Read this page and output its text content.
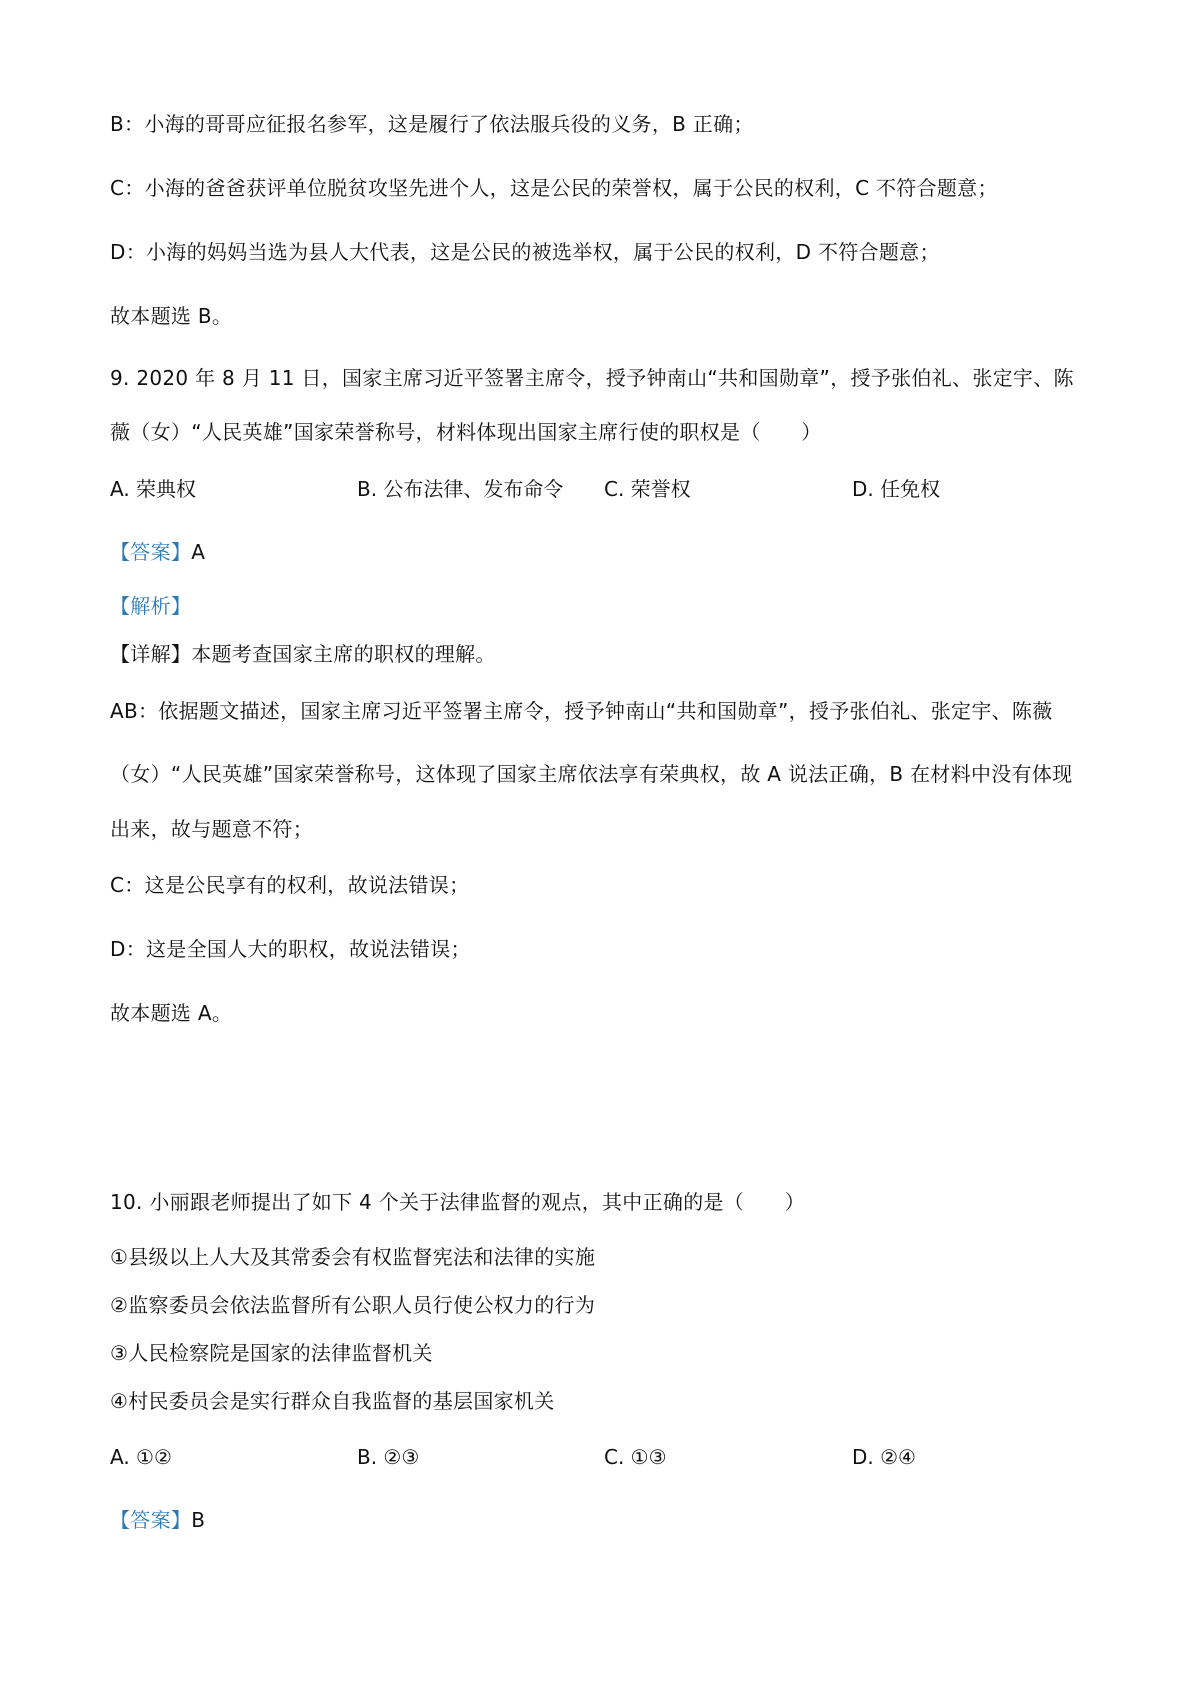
B：小海的哥哥应征报名参军，这是履行了依法服兵役的义务，B 正确；
C：小海的爸爸获评单位脱贫攻坚先进个人，这是公民的荣誉权，属于公民的权利，C 不符合题意；
D：小海的妈妈当选为县人大代表，这是公民的被选举权，属于公民的权利，D 不符合题意；
故本题选 B。
9. 2020 年 8 月 11 日，国家主席习近平签署主席令，授予钟南山“共和国勋章”，授予张伯礼、张定宇、陈
薇（女）“人民英雄”国家荣誉称号，材料体现出国家主席行使的职权是（　　）
A. 荣典权	B. 公布法律、发布命令 C. 荣誉权	D. 任免权
【答案】A
【解析】
【详解】本题考查国家主席的职权的理解。
AB：依据题文描述，国家主席习近平签署主席令，授予钟南山“共和国勋章”，授予张伯礼、张定宇、陈薇
（女）“人民英雄”国家荣誉称号，这体现了国家主席依法享有荣典权，故 A 说法正确，B 在材料中没有体现
出来，故与题意不符；
C：这是公民享有的权利，故说法错误；
D：这是全国人大的职权，故说法错误；
故本题选 A。
10. 小丽跟老师提出了如下 4 个关于法律监督的观点，其中正确的是（　　）
①县级以上人大及其常委会有权监督宪法和法律的实施
②监察委员会依法监督所有公职人员行使公权力的行为
③人民检察院是国家的法律监督机关
④村民委员会是实行群众自我监督的基层国家机关
A. ①②	B. ②③	C. ①③	D. ②④
【答案】B
